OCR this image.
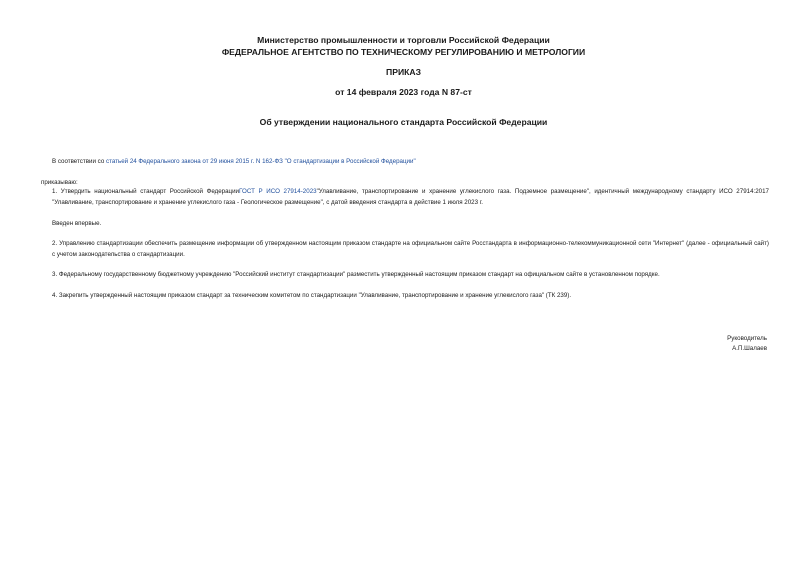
Министерство промышленности и торговли Российской Федерации
ФЕДЕРАЛЬНОЕ АГЕНТСТВО ПО ТЕХНИЧЕСКОМУ РЕГУЛИРОВАНИЮ И МЕТРОЛОГИИ
ПРИКАЗ
от 14 февраля 2023 года N 87-ст
Об утверждении национального стандарта Российской Федерации
В соответствии со статьей 24 Федерального закона от 29 июня 2015 г. N 162-ФЗ "О стандартизации в Российской Федерации"
приказываю:
1. Утвердить национальный стандарт Российской ФедерацииГОСТ Р ИСО 27914-2023"Улавливание, транспортирование и хранение углекислого газа. Подземное размещение", идентичный международному стандарту ИСО 27914:2017 "Улавливание, транспортирование и хранение углекислого газа - Геологическое размещение", с датой введения стандарта в действие 1 июля 2023 г.
Введен впервые.
2. Управлению стандартизации обеспечить размещение информации об утвержденном настоящим приказом стандарте на официальном сайте Росстандарта в информационно-телекоммуникационной сети "Интернет" (далее - официальный сайт) с учетом законодательства о стандартизации.
3. Федеральному государственному бюджетному учреждению "Российский институт стандартизации" разместить утвержденный настоящим приказом стандарт на официальном сайте в установленном порядке.
4. Закрепить утвержденный настоящим приказом стандарт за техническим комитетом по стандартизации "Улавливание, транспортирование и хранение углекислого газа" (ТК 239).
Руководитель
А.П.Шалаев
